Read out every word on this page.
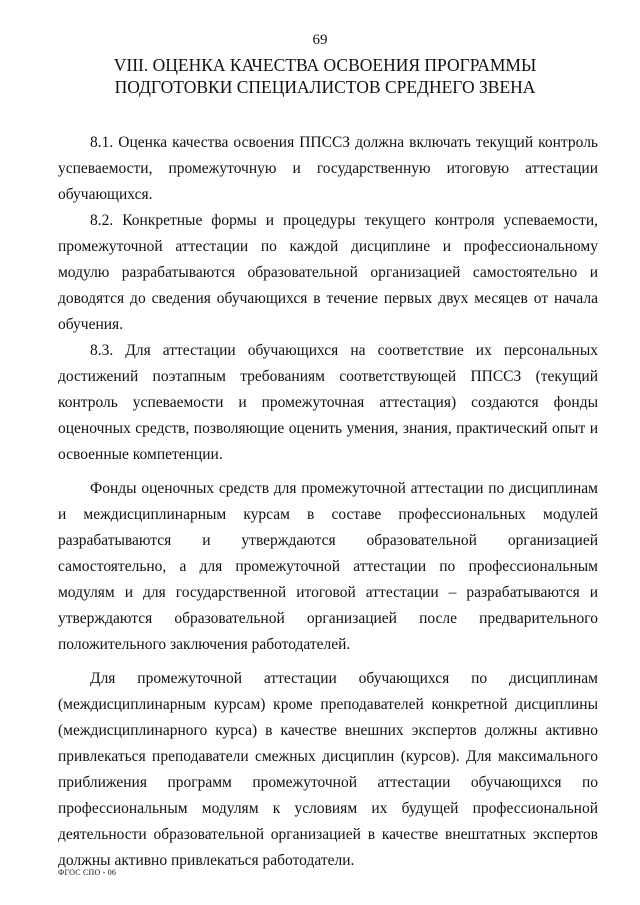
69
VIII. ОЦЕНКА КАЧЕСТВА ОСВОЕНИЯ ПРОГРАММЫ ПОДГОТОВКИ СПЕЦИАЛИСТОВ СРЕДНЕГО ЗВЕНА

8.1. Оценка качества освоения ППССЗ должна включать текущий контроль успеваемости, промежуточную и государственную итоговую аттестации обучающихся.

8.2. Конкретные формы и процедуры текущего контроля успеваемости, промежуточной аттестации по каждой дисциплине и профессиональному модулю разрабатываются образовательной организацией самостоятельно и доводятся до сведения обучающихся в течение первых двух месяцев от начала обучения.

8.3. Для аттестации обучающихся на соответствие их персональных достижений поэтапным требованиям соответствующей ППССЗ (текущий контроль успеваемости и промежуточная аттестация) создаются фонды оценочных средств, позволяющие оценить умения, знания, практический опыт и освоенные компетенции.

Фонды оценочных средств для промежуточной аттестации по дисциплинам и междисциплинарным курсам в составе профессиональных модулей разрабатываются и утверждаются образовательной организацией самостоятельно, а для промежуточной аттестации по профессиональным модулям и для государственной итоговой аттестации – разрабатываются и утверждаются образовательной организацией после предварительного положительного заключения работодателей.

Для промежуточной аттестации обучающихся по дисциплинам (междисциплинарным курсам) кроме преподавателей конкретной дисциплины (междисциплинарного курса) в качестве внешних экспертов должны активно привлекаться преподаватели смежных дисциплин (курсов). Для максимального приближения программ промежуточной аттестации обучающихся по профессиональным модулям к условиям их будущей профессиональной деятельности образовательной организацией в качестве внештатных экспертов должны активно привлекаться работодатели.

ФГОС СПО - 06
